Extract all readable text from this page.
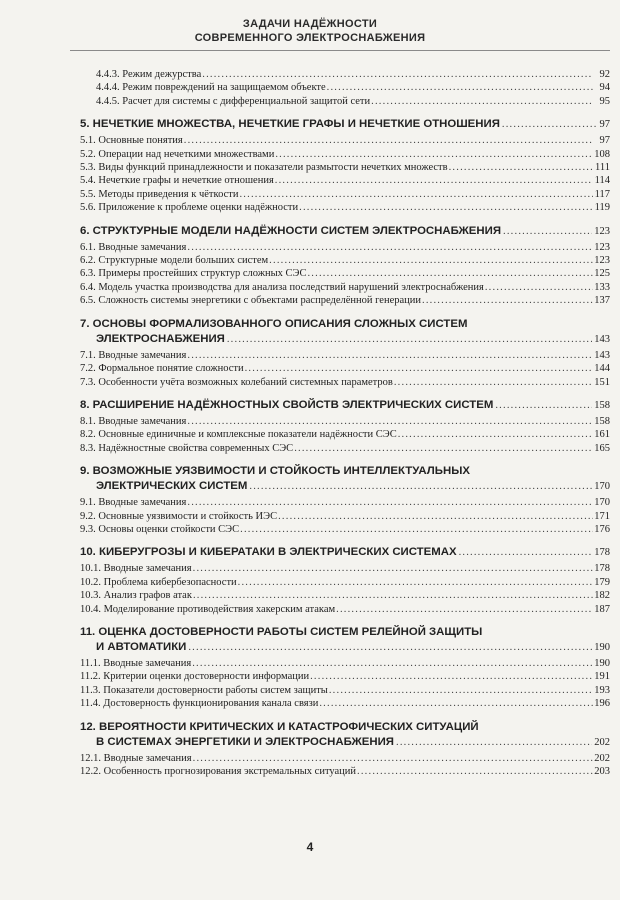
ЗАДАЧИ НАДЁЖНОСТИ
СОВРЕМЕННОГО ЭЛЕКТРОСНАБЖЕНИЯ
4.4.3. Режим дежурства .....	92
4.4.4. Режим повреждений на защищаемом объекте .....	94
4.4.5. Расчет для системы с дифференциальной защитой сети .....	95
5. НЕЧЕТКИЕ МНОЖЕСТВА, НЕЧЕТКИЕ ГРАФЫ И НЕЧЕТКИЕ ОТНОШЕНИЯ .....	97
5.1. Основные понятия .....	97
5.2. Операции над нечеткими множествами .....	108
5.3. Виды функций принадлежности и показатели размытости нечетких множеств .....	111
5.4. Нечеткие графы и нечеткие отношения .....	114
5.5. Методы приведения к чёткости .....	117
5.6. Приложение к проблеме оценки надёжности .....	119
6. СТРУКТУРНЫЕ МОДЕЛИ НАДЁЖНОСТИ СИСТЕМ ЭЛЕКТРОСНАБЖЕНИЯ .....	123
6.1. Вводные замечания .....	123
6.2. Структурные модели больших систем .....	123
6.3. Примеры простейших структур сложных СЭС .....	125
6.4. Модель участка производства для анализа последствий нарушений электроснабжения .....	133
6.5. Сложность системы энергетики с объектами распределённой генерации .....	137
7. ОСНОВЫ ФОРМАЛИЗОВАННОГО ОПИСАНИЯ СЛОЖНЫХ СИСТЕМ
ЭЛЕКТРОСНАБЖЕНИЯ .....	143
7.1. Вводные замечания .....	143
7.2. Формальное понятие сложности .....	144
7.3. Особенности учёта возможных колебаний системных параметров .....	151
8. РАСШИРЕНИЕ НАДЁЖНОСТНЫХ СВОЙСТВ ЭЛЕКТРИЧЕСКИХ СИСТЕМ .....	158
8.1. Вводные замечания .....	158
8.2. Основные единичные и комплексные показатели надёжности СЭС .....	161
8.3. Надёжностные свойства современных СЭС .....	165
9. ВОЗМОЖНЫЕ УЯЗВИМОСТИ И СТОЙКОСТЬ ИНТЕЛЛЕКТУАЛЬНЫХ
ЭЛЕКТРИЧЕСКИХ СИСТЕМ .....	170
9.1. Вводные замечания .....	170
9.2. Основные уязвимости и стойкость ИЭС .....	171
9.3. Основы оценки стойкости СЭС .....	176
10. КИБЕРУГРОЗЫ И КИБЕРАТАКИ В ЭЛЕКТРИЧЕСКИХ СИСТЕМАХ .....	178
10.1. Вводные замечания .....	178
10.2. Проблема кибербезопасности .....	179
10.3. Анализ графов атак .....	182
10.4. Моделирование противодействия хакерским атакам .....	187
11. ОЦЕНКА ДОСТОВЕРНОСТИ РАБОТЫ СИСТЕМ РЕЛЕЙНОЙ ЗАЩИТЫ
И АВТОМАТИКИ .....	190
11.1. Вводные замечания .....	190
11.2. Критерии оценки достоверности информации .....	191
11.3. Показатели достоверности работы систем защиты .....	193
11.4. Достоверность функционирования канала связи .....	196
12. ВЕРОЯТНОСТИ КРИТИЧЕСКИХ И КАТАСТРОФИЧЕСКИХ СИТУАЦИЙ
В СИСТЕМАХ ЭНЕРГЕТИКИ И ЭЛЕКТРОСНАБЖЕНИЯ .....	202
12.1. Вводные замечания .....	202
12.2. Особенность прогнозирования экстремальных ситуаций .....	203
4
